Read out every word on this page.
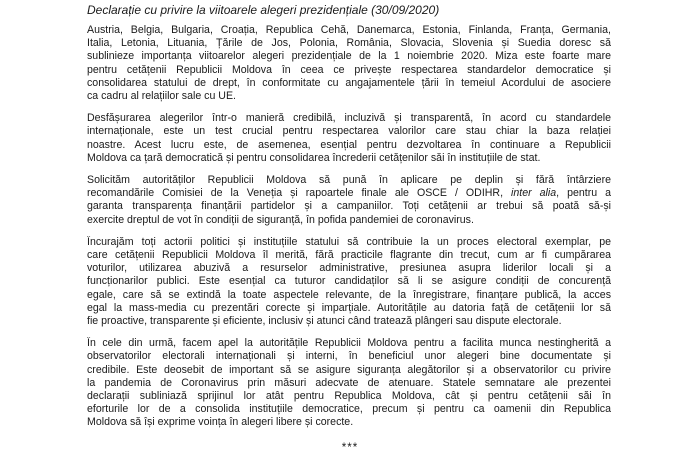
Declarație cu privire la viitoarele alegeri prezidențiale (30/09/2020)
Austria, Belgia, Bulgaria, Croația, Republica Cehă, Danemarca, Estonia, Finlanda, Franța, Germania,
Italia, Letonia, Lituania, Țările de Jos, Polonia, România, Slovacia, Slovenia și Suedia doresc să
sublinieze importanța viitoarelor alegeri prezidențiale de la 1 noiembrie 2020. Miza este foarte mare
pentru cetățenii Republicii Moldova în ceea ce privește respectarea standardelor democratice și
consolidarea statului de drept, în conformitate cu angajamentele țării în temeiul Acordului de asociere
ca cadru al relațiilor sale cu UE.
Desfășurarea alegerilor într-o manieră credibilă, incluzivă și transparentă, în acord cu standardele
internaționale, este un test crucial pentru respectarea valorilor care stau chiar la baza relației
noastre. Acest lucru este, de asemenea, esențial pentru dezvoltarea în continuare a Republicii
Moldova ca țară democratică și pentru consolidarea încrederii cetățenilor săi în instituțiile de stat.
Solicităm autorităților Republicii Moldova să pună în aplicare pe deplin și fără întârziere
recomandările Comisiei de la Veneția și rapoartele finale ale OSCE / ODIHR, inter alia, pentru a
garanta transparența finanțării partidelor și a campaniilor. Toți cetățenii ar trebui să poată să-și
exercite dreptul de vot în condiții de siguranță, în pofida pandemiei de coronavirus.
Încurajăm toți actorii politici și instituțiile statului să contribuie la un proces electoral exemplar, pe
care cetățenii Republicii Moldova îl merită, fără practicile flagrante din trecut, cum ar fi cumpărarea
voturilor, utilizarea abuzivă a resurselor administrative, presiunea asupra liderilor locali și a
funcționarilor publici. Este esențial ca tuturor candidaților să li se asigure condiții de concurență
egale, care să se extindă la toate aspectele relevante, de la înregistrare, finanțare publică, la acces
egal la mass-media cu prezentări corecte și imparțiale. Autoritățile au datoria față de cetățenii lor să
fie proactive, transparente și eficiente, inclusiv și atunci când tratează plângeri sau dispute electorale.
În cele din urmă, facem apel la autoritățile Republicii Moldova pentru a facilita munca nestingherită a
observatorilor electorali internaționali și interni, în beneficiul unor alegeri bine documentate și
credibile. Este deosebit de important să se asigure siguranța alegătorilor și a observatorilor cu privire
la pandemia de Coronavirus prin măsuri adecvate de atenuare. Statele semnatare ale prezentei
declarații subliniază sprijinul lor atât pentru Republica Moldova, cât și pentru cetățenii săi în
eforturile lor de a consolida instituțiile democratice, precum și pentru ca oamenii din Republica
Moldova să își exprime voința în alegeri libere și corecte.
***
